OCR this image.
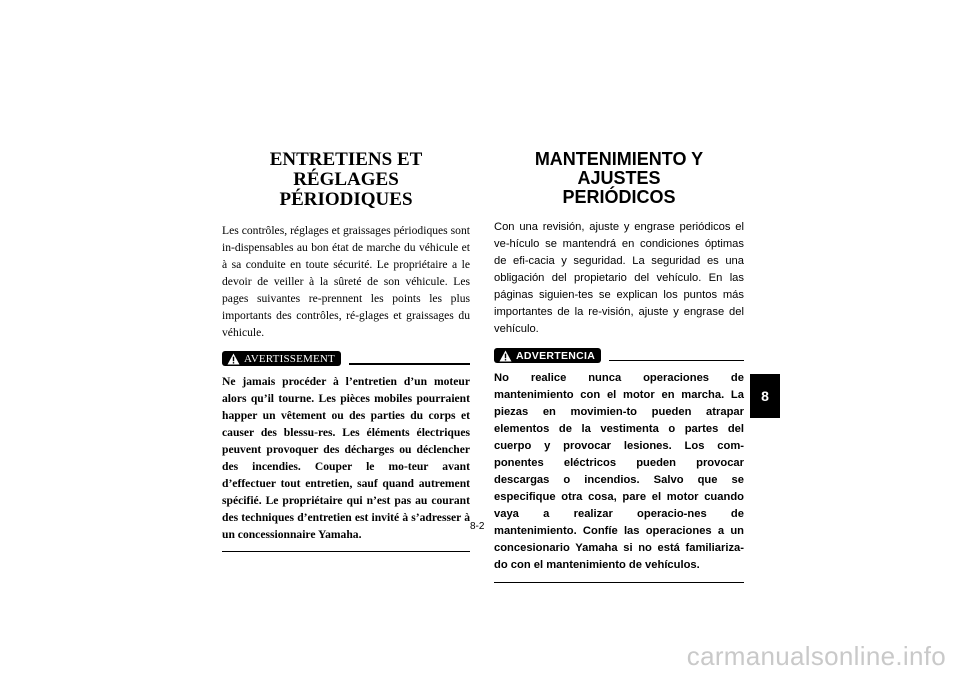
ENTRETIENS ET RÉGLAGES
PÉRIODIQUES

Les contrôles, réglages et graissages périodiques sont in-dispensables au bon état de marche du véhicule et à sa conduite en toute sécurité. Le propriétaire a le devoir de veiller à la sûreté de son véhicule. Les pages suivantes re-prennent les points les plus importants des contrôles, ré-glages et graissages du véhicule.

AVERTISSEMENT

Ne jamais procéder à l’entretien d’un moteur alors qu’il tourne. Les pièces mobiles pourraient happer un vêtement ou des parties du corps et causer des blessu-res. Les éléments électriques peuvent provoquer des décharges ou déclencher des incendies. Couper le mo-teur avant d’effectuer tout entretien, sauf quand autrement spécifié. Le propriétaire qui n’est pas au courant des techniques d’entretien est invité à s’adresser à un concessionnaire Yamaha.

MANTENIMIENTO Y AJUSTES
PERIÓDICOS

Con una revisión, ajuste y engrase periódicos el ve-hículo se mantendrá en condiciones óptimas de efi-cacia y seguridad. La seguridad es una obligación del propietario del vehículo. En las páginas siguien-tes se explican los puntos más importantes de la re-visión, ajuste y engrase del vehículo.

ADVERTENCIA

No realice nunca operaciones de mantenimiento con el motor en marcha. La piezas en movimien-to pueden atrapar elementos de la vestimenta o partes del cuerpo y provocar lesiones. Los com-ponentes eléctricos pueden provocar descargas o incendios. Salvo que se especifique otra cosa, pare el motor cuando vaya a realizar operacio-nes de mantenimiento. Confíe las operaciones a un concesionario Yamaha si no está familiariza-do con el mantenimiento de vehículos.

8-2
8
carmanualsonline.info
